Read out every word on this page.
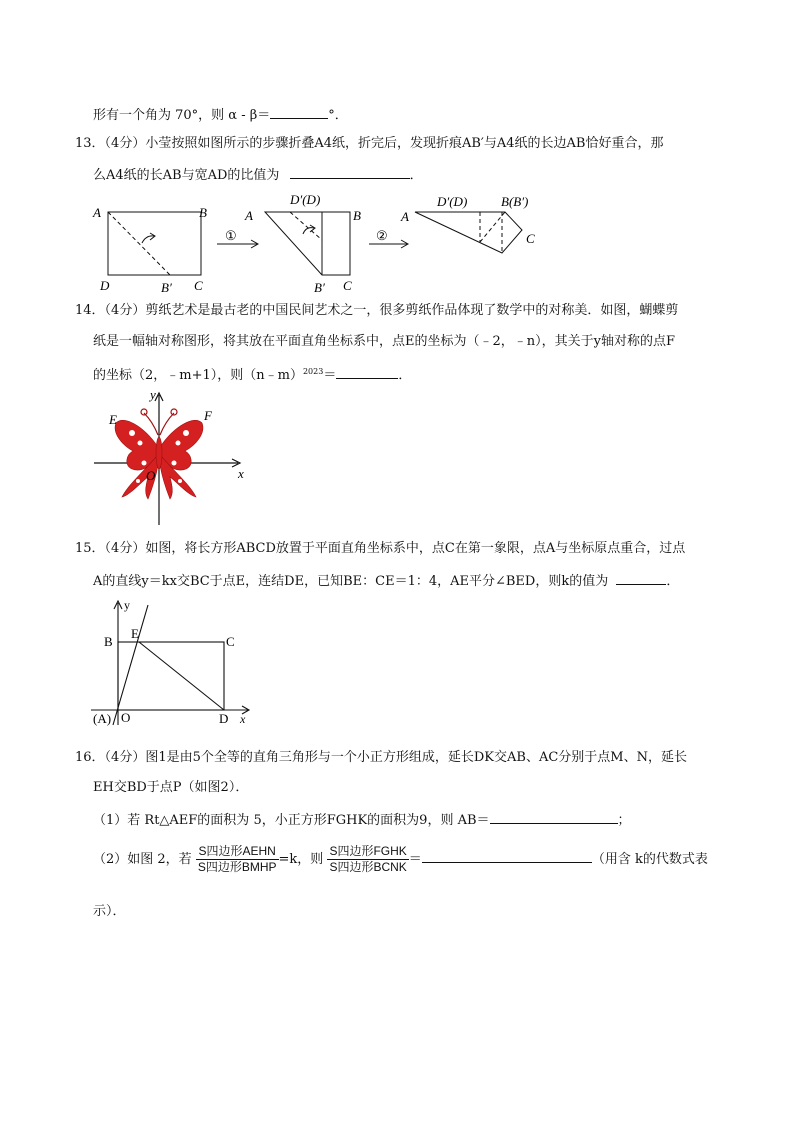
形有一个角为 70°，则 α - β＝	°．
13．（4分）小莹按照如图所示的步骤折叠A4纸，折完后，发现折痕AB′与A4纸的长边AB恰好重合，那
么A4纸的长AB与宽AD的比值为	．
A	B
D	B′ C
①
A
D′(D)
B
B′ C
②
A
D′(D)	B(B′)
C
14．（4分）剪纸艺术是最古老的中国民间艺术之一，很多剪纸作品体现了数学中的对称美．如图，蝴蝶剪
纸是一幅轴对称图形，将其放在平面直角坐标系中，点E的坐标为（﹣2，﹣n），其关于y轴对称的点F
的坐标（2，﹣m+1），则（n﹣m）$^{2023}$＝	．
y
x
E	F
O
15．（4分）如图，将长方形ABCD放置于平面直角坐标系中，点C在第一象限，点A与坐标原点重合，过点
A的直线y＝kx交BC于点E，连结DE，已知BE：CE＝1：4，AE平分∠BED，则k的值为	．
y
x
B
E
C
(A) O	D
16．（4分）图1是由5个全等的直角三角形与一个小正方形组成，延长DK交AB、AC分别于点M、N，延长
EH交BD于点P（如图2）．
（1）若 Rt△AEF的面积为 5，小正方形FGHK的面积为9，则 AB＝	；
（2）如图 2，若 $\frac{\text{S四边形AEHN}}{\text{S四边形BMHP}} =k$，则 $\frac{\text{S四边形FGHK}}{\text{S四边形BCNK}}$ ＝	（用含 k的代数式表
示）．
